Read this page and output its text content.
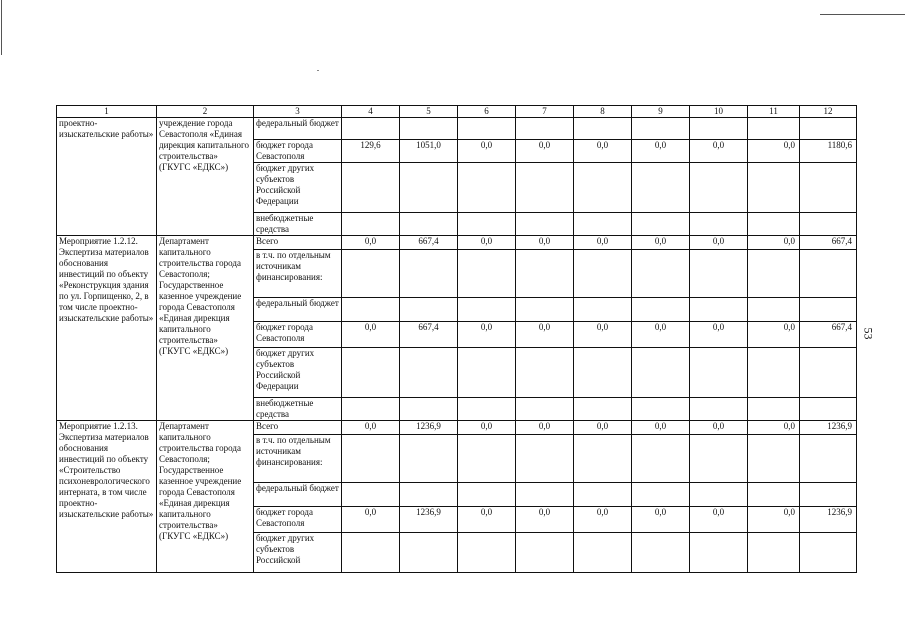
53
1	2	3	4	5	6	7	8	9	10	11	12
проектно-изыскательские работы»	учреждение города Севастополя «Единая дирекция капитального строительства» (ГКУГС «ЕДКС»)	федеральный бюджет									
		бюджет города Севастополя	129,6	1051,0	0,0	0,0	0,0	0,0	0,0	0,0	1180,6
		бюджет других субъектов Российской Федерации									
		внебюджетные средства									
Мероприятие 1.2.12. Экспертиза материалов обоснования инвестиций по объекту «Реконструкция здания по ул. Горпищенко, 2, в том числе проектно-изыскательские работы»	Департамент капитального строительства города Севастополя; Государственное казенное учреждение города Севастополя «Единая дирекция капитального строительства» (ГКУГС «ЕДКС»)	Всего	0,0	667,4	0,0	0,0	0,0	0,0	0,0	0,0	667,4
		в т.ч. по отдельным источникам финансирования:									
		федеральный бюджет									
		бюджет города Севастополя	0,0	667,4	0,0	0,0	0,0	0,0	0,0	0,0	667,4
		бюджет других субъектов Российской Федерации									
		внебюджетные средства									
Мероприятие 1.2.13. Экспертиза материалов обоснования инвестиций по объекту «Строительство психоневрологического интерната, в том числе проектно-изыскательские работы»	Департамент капитального строительства города Севастополя; Государственное казенное учреждение города Севастополя «Единая дирекция капитального строительства» (ГКУГС «ЕДКС»)	Всего	0,0	1236,9	0,0	0,0	0,0	0,0	0,0	0,0	1236,9
		в т.ч. по отдельным источникам финансирования:									
		федеральный бюджет									
		бюджет города Севастополя	0,0	1236,9	0,0	0,0	0,0	0,0	0,0	0,0	1236,9
		бюджет других субъектов Российской									
